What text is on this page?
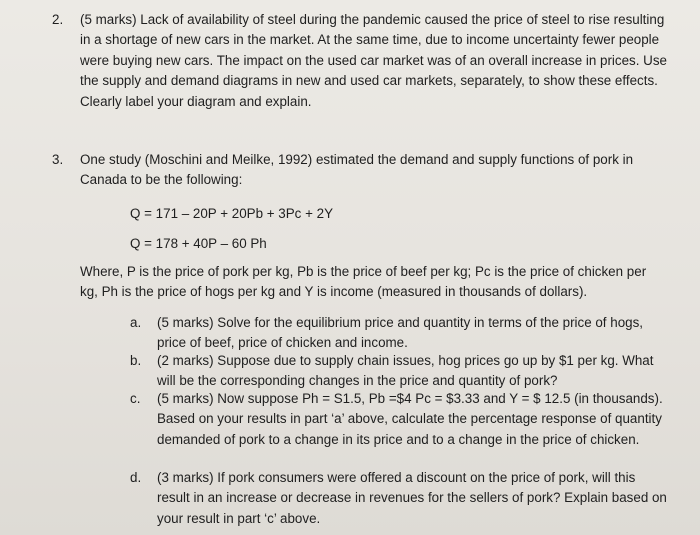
2. (5 marks) Lack of availability of steel during the pandemic caused the price of steel to rise resulting in a shortage of new cars in the market. At the same time, due to income uncertainty fewer people were buying new cars. The impact on the used car market was of an overall increase in prices. Use the supply and demand diagrams in new and used car markets, separately, to show these effects. Clearly label your diagram and explain.
3. One study (Moschini and Meilke, 1992) estimated the demand and supply functions of pork in Canada to be the following:
Q = 171 – 20P + 20Pb + 3Pc + 2Y
Q = 178 + 40P – 60 Ph
Where, P is the price of pork per kg, Pb is the price of beef per kg; Pc is the price of chicken per kg, Ph is the price of hogs per kg and Y is income (measured in thousands of dollars).
a. (5 marks) Solve for the equilibrium price and quantity in terms of the price of hogs, price of beef, price of chicken and income.
b. (2 marks) Suppose due to supply chain issues, hog prices go up by $1 per kg. What will be the corresponding changes in the price and quantity of pork?
c. (5 marks) Now suppose Ph = S1.5, Pb =$4 Pc = $3.33 and Y = $ 12.5 (in thousands). Based on your results in part ‘a’ above, calculate the percentage response of quantity demanded of pork to a change in its price and to a change in the price of chicken.
d. (3 marks) If pork consumers were offered a discount on the price of pork, will this result in an increase or decrease in revenues for the sellers of pork? Explain based on your result in part ‘c’ above.
